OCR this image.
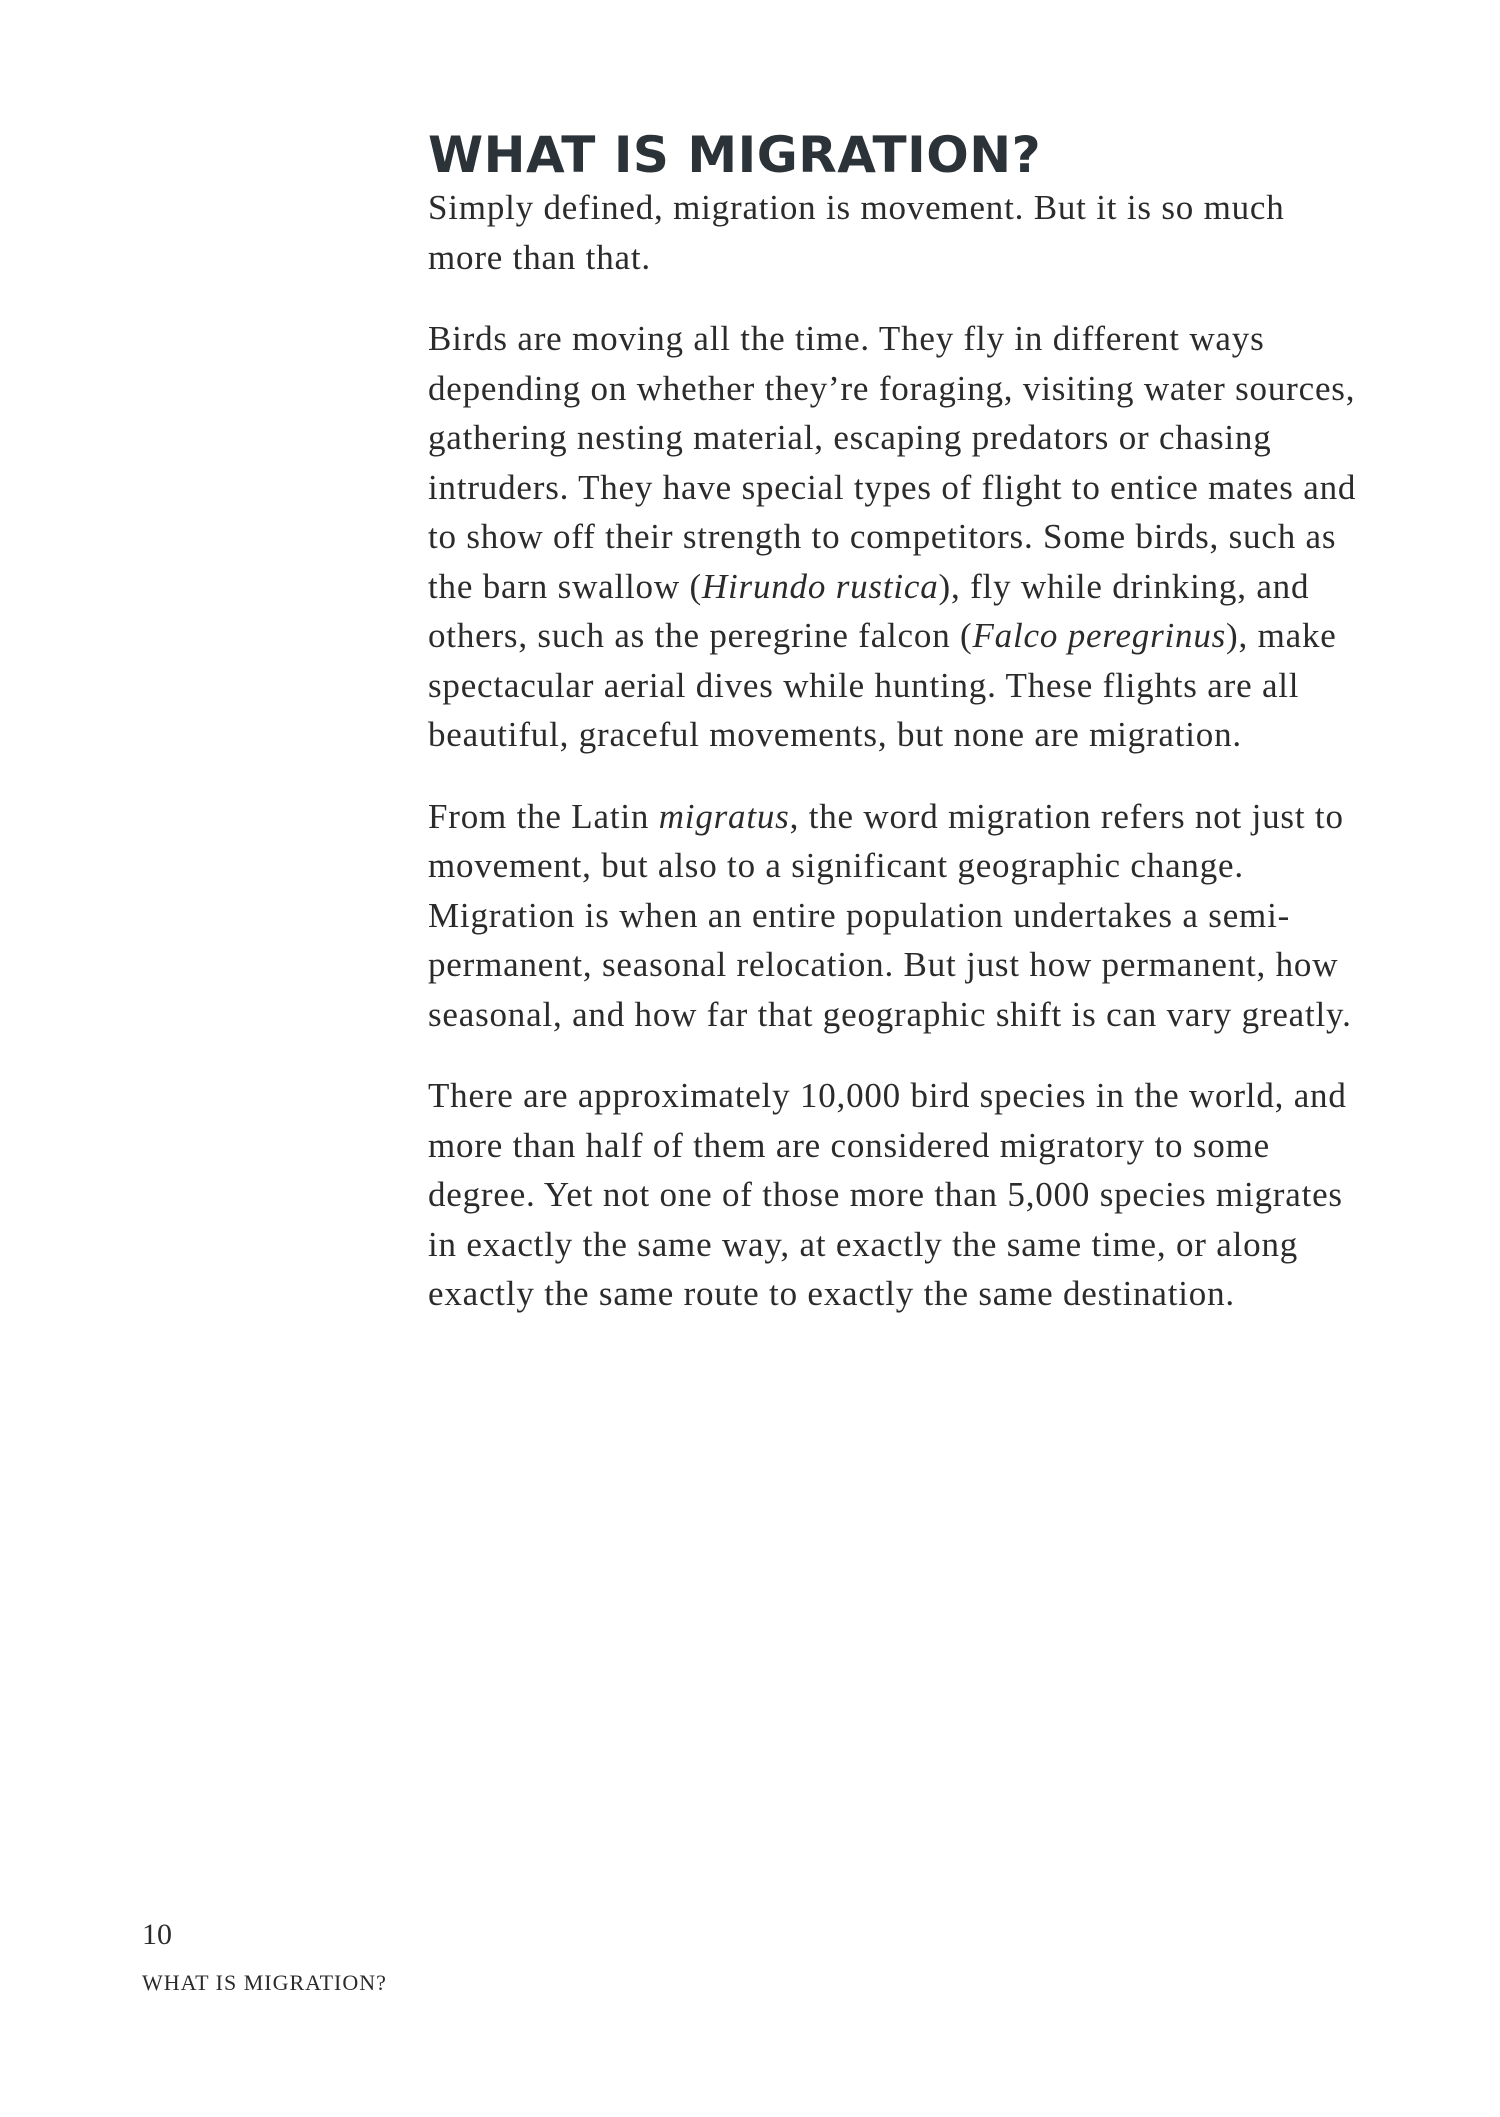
WHAT IS MIGRATION?

Simply defined, migration is movement. But it is so much more than that.

Birds are moving all the time. They fly in different ways depending on whether they’re foraging, visiting water sources, gathering nesting material, escaping predators or chasing intruders. They have special types of flight to entice mates and to show off their strength to competitors. Some birds, such as the barn swallow (Hirundo rustica), fly while drinking, and others, such as the peregrine falcon (Falco peregrinus), make spectacular aerial dives while hunting. These flights are all beautiful, graceful movements, but none are migration.

From the Latin migratus, the word migration refers not just to movement, but also to a significant geographic change. Migration is when an entire population undertakes a semi-permanent, seasonal relocation. But just how permanent, how seasonal, and how far that geographic shift is can vary greatly.

There are approximately 10,000 bird species in the world, and more than half of them are considered migratory to some degree. Yet not one of those more than 5,000 species migrates in exactly the same way, at exactly the same time, or along exactly the same route to exactly the same destination.

10
WHAT IS MIGRATION?
